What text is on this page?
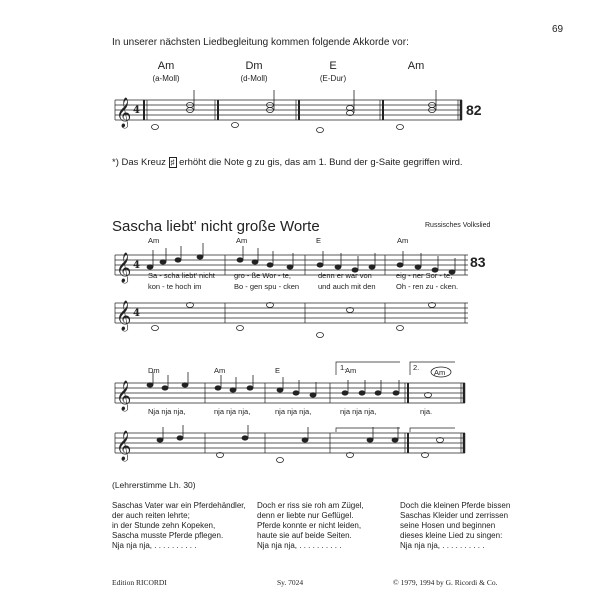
𝄞
𝄞
𝄞
𝄞
𝄞
4
4
4
69
In unserer nächsten Liedbegleitung kommen folgende Akkorde vor:
Am
(a-Moll)
Dm
(d-Moll)
E
(E-Dur)
Am
82
*) Das Kreuz ♯ erhöht die Note g zu gis, das am 1. Bund der g-Saite gegriffen wird.
Sascha liebt' nicht große Worte	Russisches Volkslied
83
Am	Am	E	Am
Sa - scha liebt' nicht	gro - ße Wor - te,	denn er war von	eig - ner Sor - te,
kon - te hoch im	Bo - gen spu - cken	und auch mit den	Oh - ren zu - cken.
Dm	Am	E	Am	Am
1.	2.
Nja nja nja,	nja nja nja,	nja nja nja,	nja nja nja,	nja.
(Lehrerstimme Lh. 30)
Saschas Vater war ein Pferdehändler,
der auch reiten lehrte;
in der Stunde zehn Kopeken,
Sascha musste Pferde pflegen.
Nja nja nja, . . . . . . . . . .
Doch er riss sie roh am Zügel,
denn er liebte nur Geflügel.
Pferde konnte er nicht leiden,
haute sie auf beide Seiten.
Nja nja nja, . . . . . . . . . .
Doch die kleinen Pferde bissen
Saschas Kleider und zerrissen
seine Hosen und beginnen
dieses kleine Lied zu singen:
Nja nja nja, . . . . . . . . . .
Edition RICORDI	Sy. 7024	© 1979, 1994 by G. Ricordi & Co.
